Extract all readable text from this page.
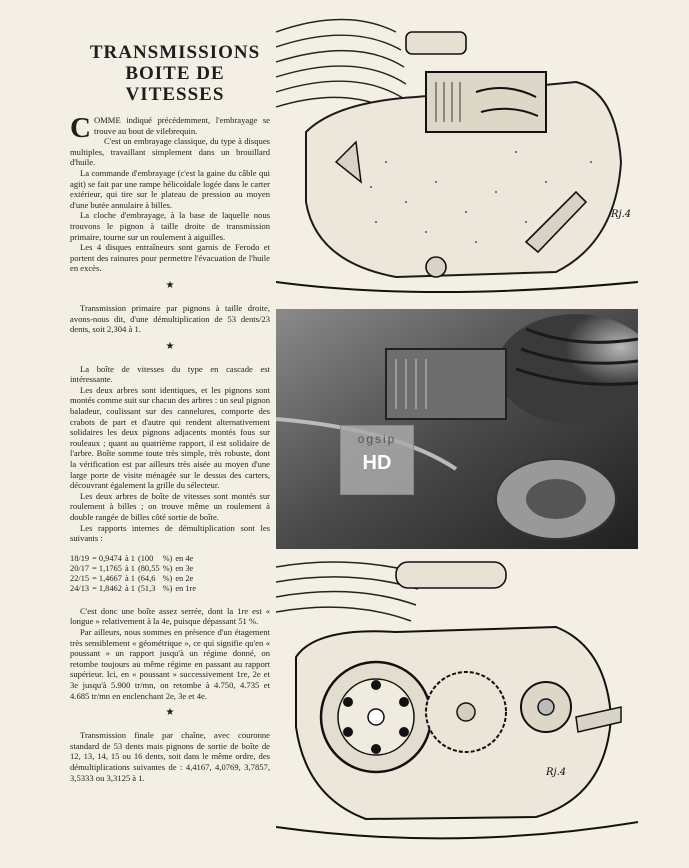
TRANSMISSIONS
BOITE DE VITESSES

COMME indiqué précédemment, l'embrayage se trouve au bout de vilebrequin.

C'est un embrayage classique, du type à disques multiples, travaillant simplement dans un brouillard d'huile.

La commande d'embrayage (c'est la gaine du câble qui agit) se fait par une rampe hélicoïdale logée dans le carter extérieur, qui tire sur le plateau de pression au moyen d'une butée annulaire à billes.

La cloche d'embrayage, à la base de laquelle nous trouvons le pignon à taille droite de transmission primaire, tourne sur un roulement à aiguilles.

Les 4 disques entraîneurs sont garnis de Ferodo et portent des rainures pour permettre l'évacuation de l'huile en excès.

★

Transmission primaire par pignons à taille droite, avons-nous dit, d'une démultiplication de 53 dents/23 dents, soit 2,304 à 1.

★

La boîte de vitesses du type en cascade est intéressante.

Les deux arbres sont identiques, et les pignons sont montés comme suit sur chacun des arbres : un seul pignon baladeur, coulissant sur des cannelures, comporte des crabots de part et d'autre qui rendent alternativement solidaires les deux pignons adjacents montés fous sur rouleaux ; quant au quatrième rapport, il est solidaire de l'arbre. Boîte somme toute très simple, très robuste, dont la vérification est par ailleurs très aisée au moyen d'une large porte de visite ménagée sur le dessus des carters, découvrant également la grille du sélecteur.

Les deux arbres de boîte de vitesses sont montés sur roulement à billes ; on trouve même un roulement à double rangée de billes côté sortie de boîte.

Les rapports internes de démultiplication sont les suivants :

18/19	= 0,9474	à 1	(100	%)	en 4e
20/17	= 1,1765	à 1	(80,55	%)	en 3e
22/15	= 1,4667	à 1	(64,6	%)	en 2e
24/13	= 1,8462	à 1	(51,3	%)	en 1re

C'est donc une boîte assez serrée, dont la 1re est « longue » relativement à la 4e, puisque dépassant 51 %.

Par ailleurs, nous sommes en présence d'un étagement très sensiblement « géométrique », ce qui signifie qu'en « poussant » un rapport jusqu'à un régime donné, on retombe toujours au même régime en passant au rapport supérieur. Ici, en « poussant » successivement 1re, 2e et 3e jusqu'à 5.900 tr/mn, on retombe à 4.750, 4.735 et 4.685 tr/mn en enclenchant 2e, 3e et 4e.

★

Transmission finale par chaîne, avec couronne standard de 53 dents mais pignons de sortie de boîte de 12, 13, 14, 15 ou 16 dents, soit dans le même ordre, des démultiplications suivantes de : 4,4167, 4,0769, 3,7857, 3,5333 ou 3,3125 à 1.

Rj.4
ogsip
HD
Rj.4
